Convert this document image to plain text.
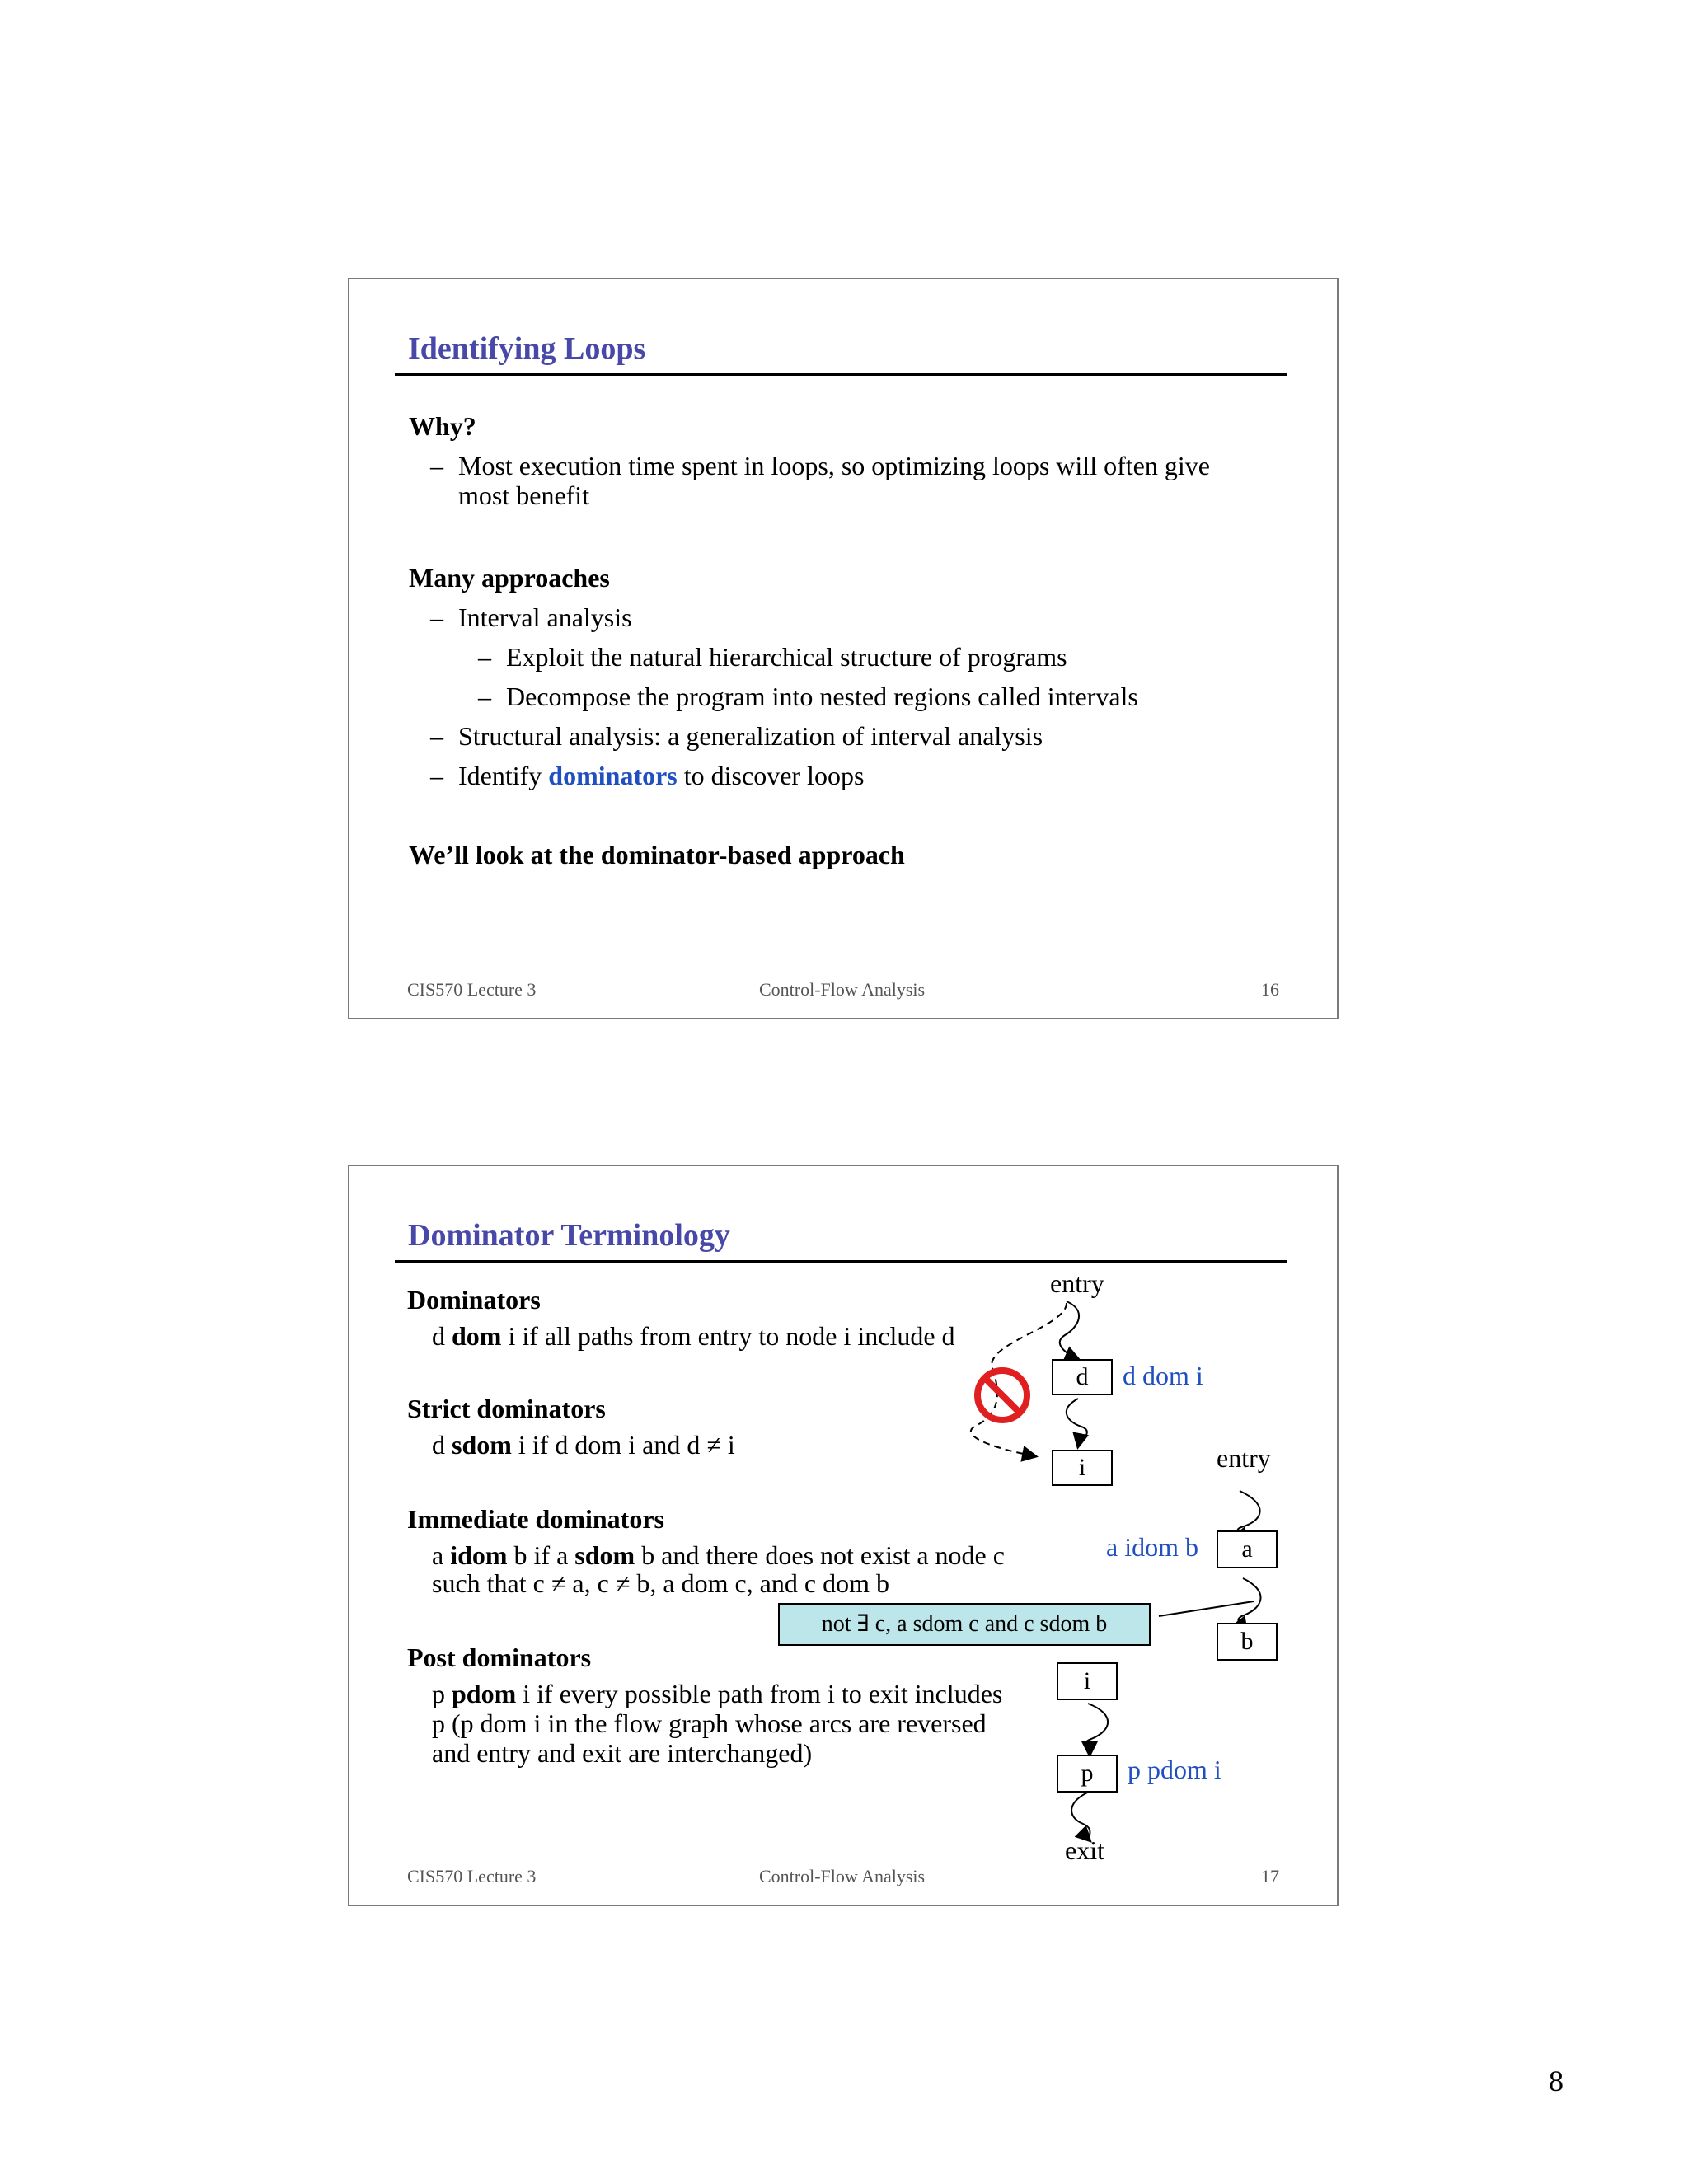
Identifying Loops
Why?
– Most execution time spent in loops, so optimizing loops will often give
most benefit
Many approaches
– Interval analysis
– Exploit the natural hierarchical structure of programs
– Decompose the program into nested regions called intervals
– Structural analysis: a generalization of interval analysis
– Identify dominators to discover loops
We’ll look at the dominator-based approach
CIS570 Lecture 3	Control-Flow Analysis	16
Dominator Terminology
Dominators
d dom i if all paths from entry to node i include d
Strict dominators
d sdom i if d dom i and d ≠ i
Immediate dominators
a idom b if a sdom b and there does not exist a node c
such that c ≠ a, c ≠ b, a dom c, and c dom b
Post dominators
p pdom i if every possible path from i to exit includes
p (p dom i in the flow graph whose arcs are reversed
and entry and exit are interchanged)
entry
d	d dom i
i	entry
a idom b	a
b
not ∃ c, a sdom c and c sdom b
i
p	p pdom i
exit
CIS570 Lecture 3	Control-Flow Analysis	17
8
